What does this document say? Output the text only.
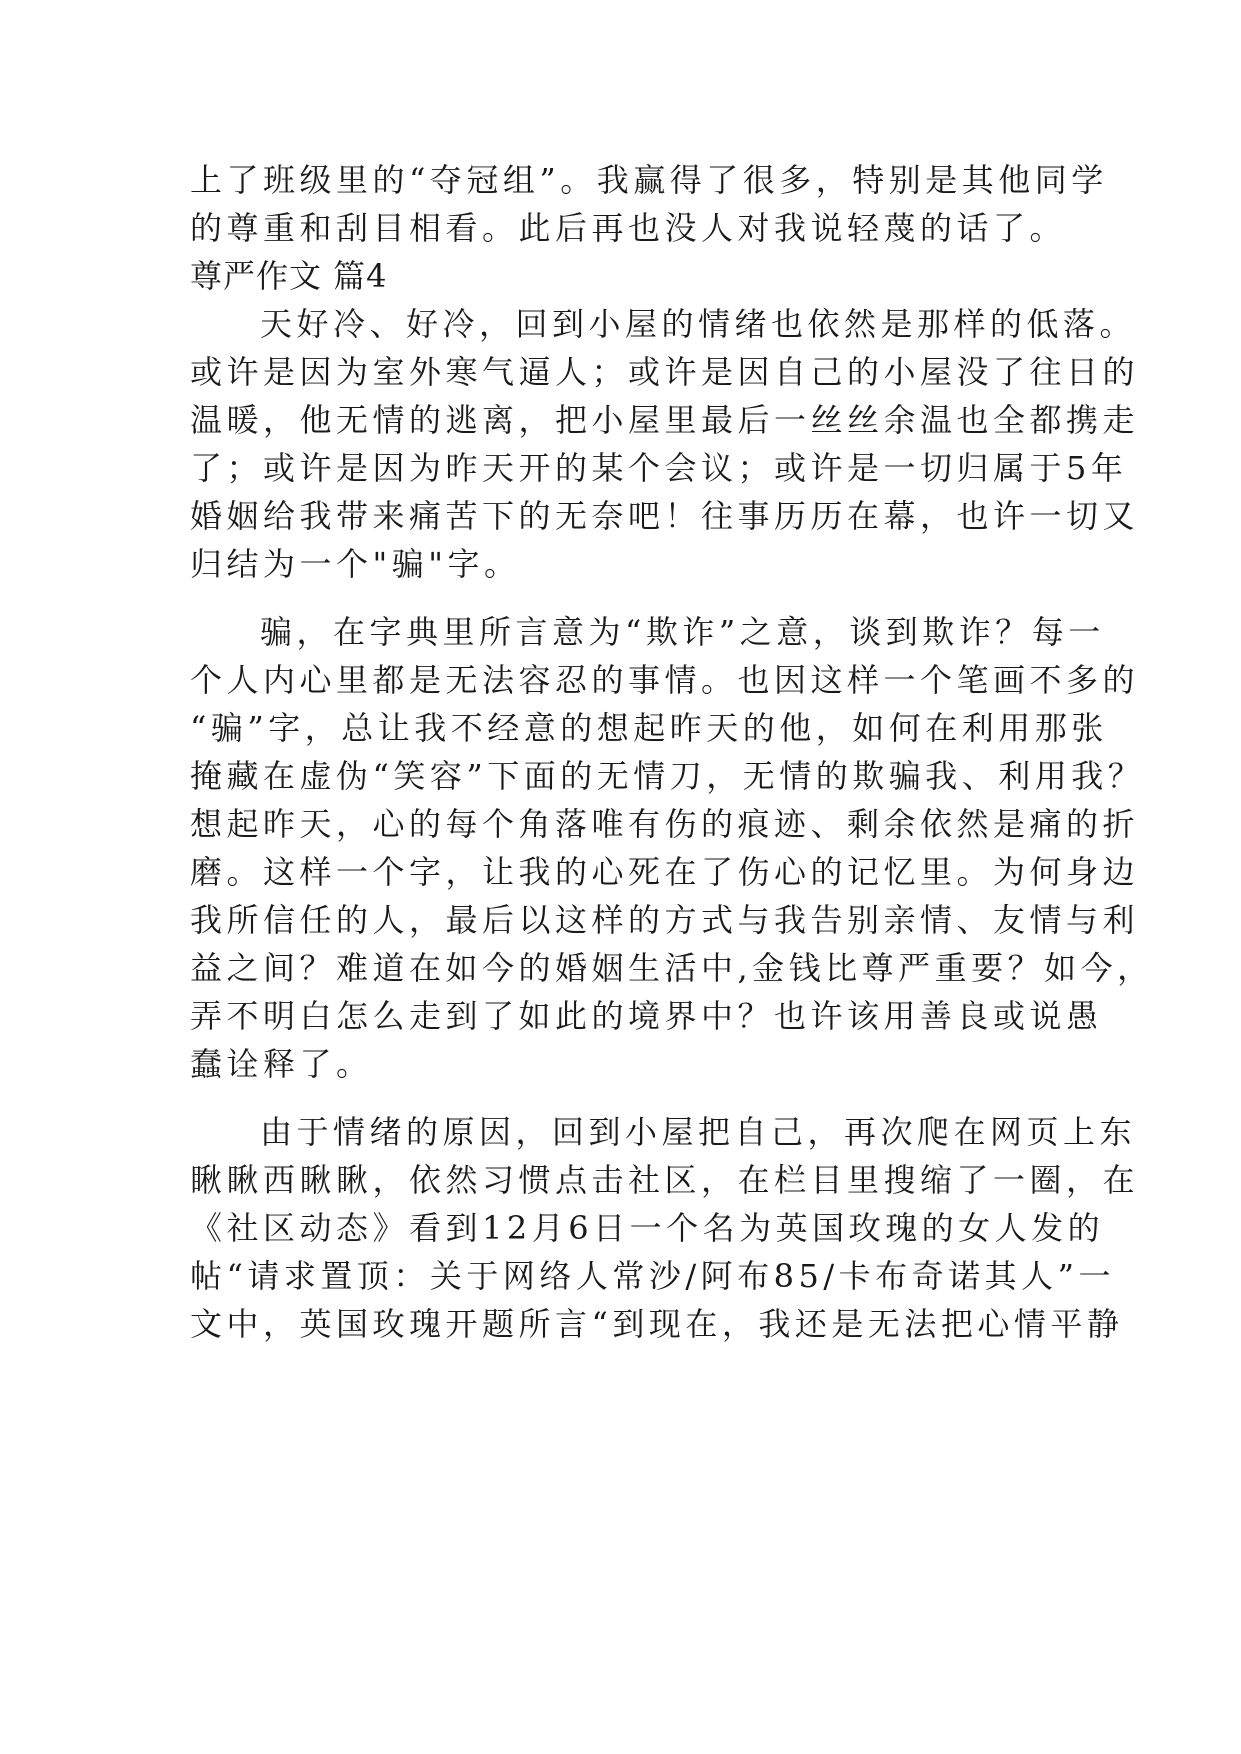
上了班级里的“夺冠组”。我赢得了很多，特别是其他同学
的尊重和刮目相看。此后再也没人对我说轻蔑的话了。
尊严作文 篇4
天好冷、好冷，回到小屋的情绪也依然是那样的低落。
或许是因为室外寒气逼人；或许是因自己的小屋没了往日的
温暖，他无情的逃离，把小屋里最后一丝丝余温也全都携走
了；或许是因为昨天开的某个会议；或许是一切归属于5年
婚姻给我带来痛苦下的无奈吧！往事历历在幕，也许一切又
归结为一个"骗"字。
骗，在字典里所言意为“欺诈”之意，谈到欺诈？每一
个人内心里都是无法容忍的事情。也因这样一个笔画不多的
“骗”字，总让我不经意的想起昨天的他，如何在利用那张
掩藏在虚伪“笑容”下面的无情刀，无情的欺骗我、利用我？
想起昨天，心的每个角落唯有伤的痕迹、剩余依然是痛的折
磨。这样一个字，让我的心死在了伤心的记忆里。为何身边
我所信任的人，最后以这样的方式与我告别亲情、友情与利
益之间？难道在如今的婚姻生活中,金钱比尊严重要？如今，
弄不明白怎么走到了如此的境界中？也许该用善良或说愚
蠢诠释了。
由于情绪的原因，回到小屋把自己，再次爬在网页上东
瞅瞅西瞅瞅，依然习惯点击社区，在栏目里搜缩了一圈，在
《社区动态》看到12月6日一个名为英国玫瑰的女人发的
帖“请求置顶：关于网络人常沙/阿布85/卡布奇诺其人”一
文中，英国玫瑰开题所言“到现在，我还是无法把心情平静
